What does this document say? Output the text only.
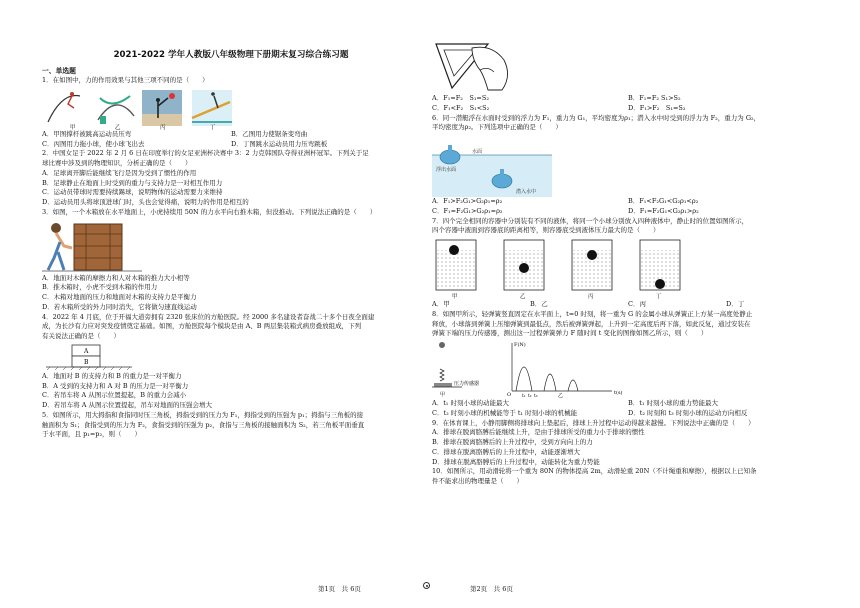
2021-2022 学年人教版八年级物理下册期末复习综合练习题
一、单选题
1．在如图中，力的作用效果与其他三项不同的是（　　）
甲	乙	丙	丁
A．甲图撑杆被跳高运动员压弯	B．乙图用力使锯条变弯曲
C．丙图用力拖小球，使小球飞出去	D．丁图跳水运动员用力压弯跳板
2．中国女足于 2022 年 2 月 6 日在印度举行的女足亚洲杯决赛中 3：2 力克韩国队夺得亚洲杯冠军。下列关于足
球比赛中涉及到的物理知识，分析正确的是（　　）
A．足球离开脚后能继续飞行是因为受到了惯性的作用
B．足球静止在地面上时受到的重力与支持力是一对相互作用力
C．运动员带球时需要持续踢球，说明物体的运动需要力来维持
D．运动员用头将球顶进球门时，头也会觉得痛，说明力的作用是相互的
3．如图，一个木箱放在水平地面上，小虎持续用 50N 的力水平向右推木箱，但没推动。下列说法正确的是（　　）
A．地面对木箱的摩擦力和人对木箱的推力大小相等
B．推木箱时，小虎不受到木箱的作用力
C．木箱对地面的压力和地面对木箱的支持力是平衡力
D．若木箱所受的外力同时消失，它将做匀速直线运动
4．2022 年 4 月底，位于开福大道旁拥有 2320 张床位的方舱医院。经 2000 多名建设者奋战二十多个日夜全面建
成，为长沙有力应对突发疫情奠定基础。如图，方舱医院每个模块是由 A、B 两层集装箱式病房叠放组成，下列
有关说法正确的是（　　）
A
B
A．地面对 B 的支持力和 B 的重力是一对平衡力
B．A 受到的支持力和 A 对 B 的压力是一对平衡力
C．若吊车将 A 从图示位置提起，B 的重力会减小
D．若吊车将 A 从图示位置提起，吊车对地面的压强会增大
5．如图所示，用大拇指和食指同时压三角板，拇指受到的压力为 F₁，拇指受到的压强为 p₁；拇指与三角板的接
触面积为 S₁；食指受到的压力为 F₂，食指受到的压强为 p₂，食指与三角板的接触面积为 S₂，若三角板平面垂直
于水平面，且 p₁=p₂，则（　　）
A．F₁=F₂　S₁=S₂	B．F₁=F₂ S₁>S₂
C．F₁<F₂　S₁<S₂	D．F₁>F₂　S₁=S₂
6．同一潜艇浮在水面时受到的浮力为 F₁，重力为 G₁，平均密度为ρ₁；潜入水中时受到的浮力为 F₂，重力为 G₂，
平均密度为ρ₂。下列选项中正确的是（　　）
水面
浮出水面
潜入水中
A．F₁>F₂G₁>G₂ρ₁=ρ₂	B．F₁<F₂G₁<G₂ρ₁<ρ₂
C．F₁=F₂G₁>G₂ρ₁=ρ₂	D．F₁=F₂G₁<G₂ρ₁>ρ₂
7．四个完全相同的容器中分别装有不同的液体，将同一个小球分别放入四种液体中，静止时的位置如图所示，
四个容器中液面到容器底的距离相等，则容器底受到液体压力最大的是（　　）
甲	乙	丙	丁
A．甲	B．乙	C．丙	D．丁
8．如图甲所示，轻弹簧竖直固定在水平面上，t=0 时刻，将一重为 G 的金属小球从弹簧正上方某一高度处静止
释放，小球落到弹簧上压缩弹簧到最低点，然后被弹簧弹起，上升到一定高度后再下落，如此反复，通过安装在
弹簧下端的压力传感器，测出这一过程弹簧弹力 F 随时间 t 变化的图像如图乙所示，则（　　）
压力传感器
甲
F(N)
t(s)
O t₁ t₂ t₃	乙
A．t₁ 时刻小球的动能最大	B．t₁ 时刻小球的重力势能最大
C．t₂ 时刻小球的机械能等于 t₁ 时刻小球的机械能	D．t₂ 时刻和 t₃ 时刻小球的运动方向相反
9．在体育课上，小静用脚侧将排球向上垫起后，排球上升过程中运动得越来越慢。下列说法中正确的是（　　）
A．排球在脱离胳膊后能继续上升，是由于排球所受的重力小于排球的惯性
B．排球在脱离胳膊后的上升过程中，受到方向向上的力
C．排球在脱离胳膊后的上升过程中，动能逐渐增大
D．排球在脱离胳膊后的上升过程中，动能转化为重力势能
10．如图所示，用动滑轮将一个重为 80N 的物体提高 2m，动滑轮重 20N（不计绳重和摩擦），根据以上已知条
件不能求出的物理量是（　　）
第1页　共 6页	第2页　共 6页
